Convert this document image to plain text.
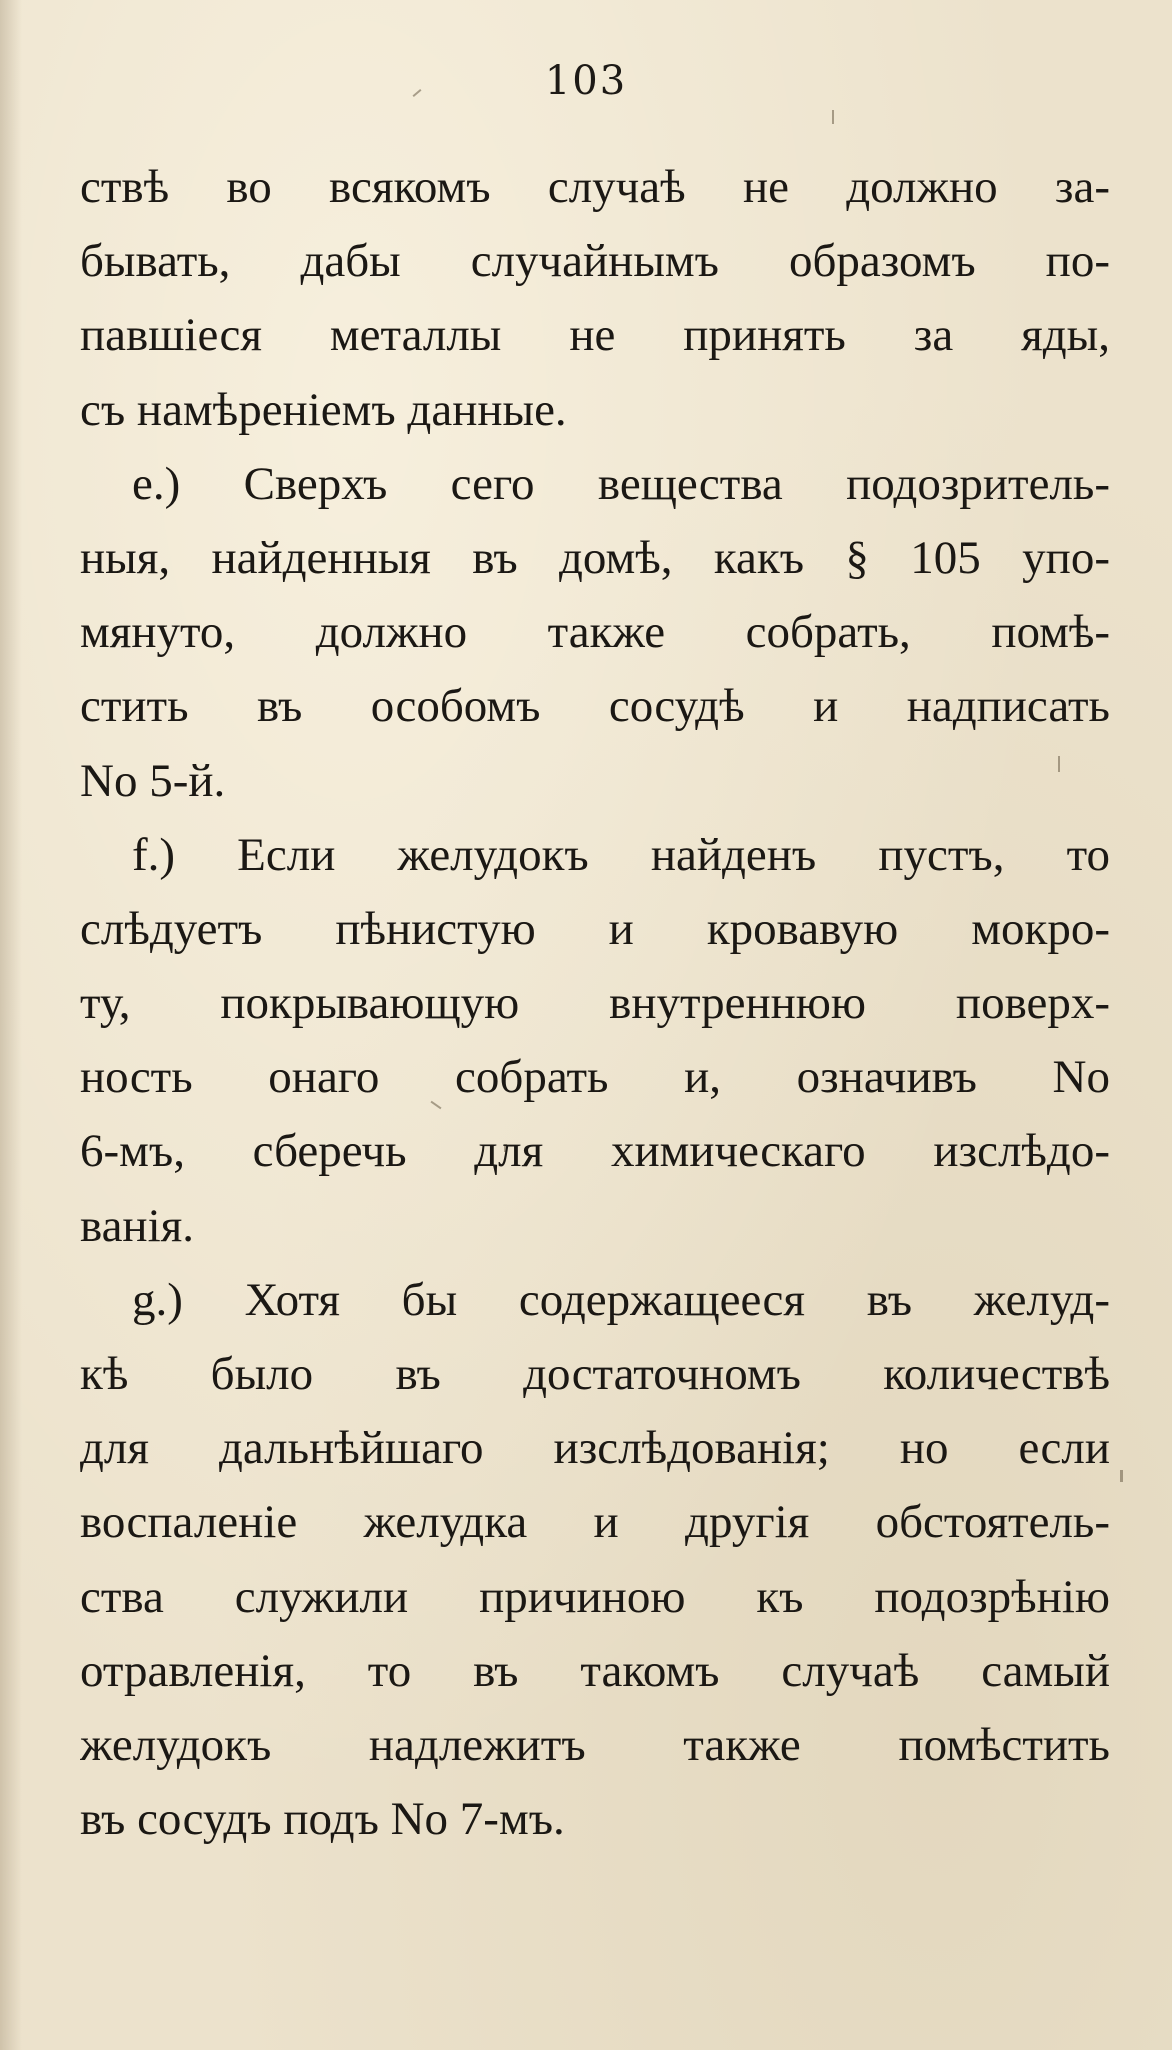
103
ствѣ во всякомъ случаѣ не должно за-
бывать, дабы случайнымъ образомъ по-
павшіеся металлы не принять за яды,
съ намѣреніемъ данные.
e.) Сверхъ сего вещества подозритель-
ныя, найденныя въ домѣ, какъ § 105 упо-
мянуто, должно также собрать, помѣ-
стить въ особомъ сосудѣ и надписать
No 5-й.
f.) Если желудокъ найденъ пустъ, то
слѣдуетъ пѣнистую и кровавую мокро-
ту, покрывающую внутреннюю поверх-
ность онаго собрать и, означивъ No
6-мъ, сберечь для химическаго изслѣдо-
ванія.
g.) Хотя бы содержащееся въ желуд-
кѣ было въ достаточномъ количествѣ
для дальнѣйшаго изслѣдованія; но если
воспаленіе желудка и другія обстоятель-
ства служили причиною къ подозрѣнію
отравленія, то въ такомъ случаѣ самый
желудокъ надлежитъ также помѣстить
въ сосудъ подъ No 7-мъ.
